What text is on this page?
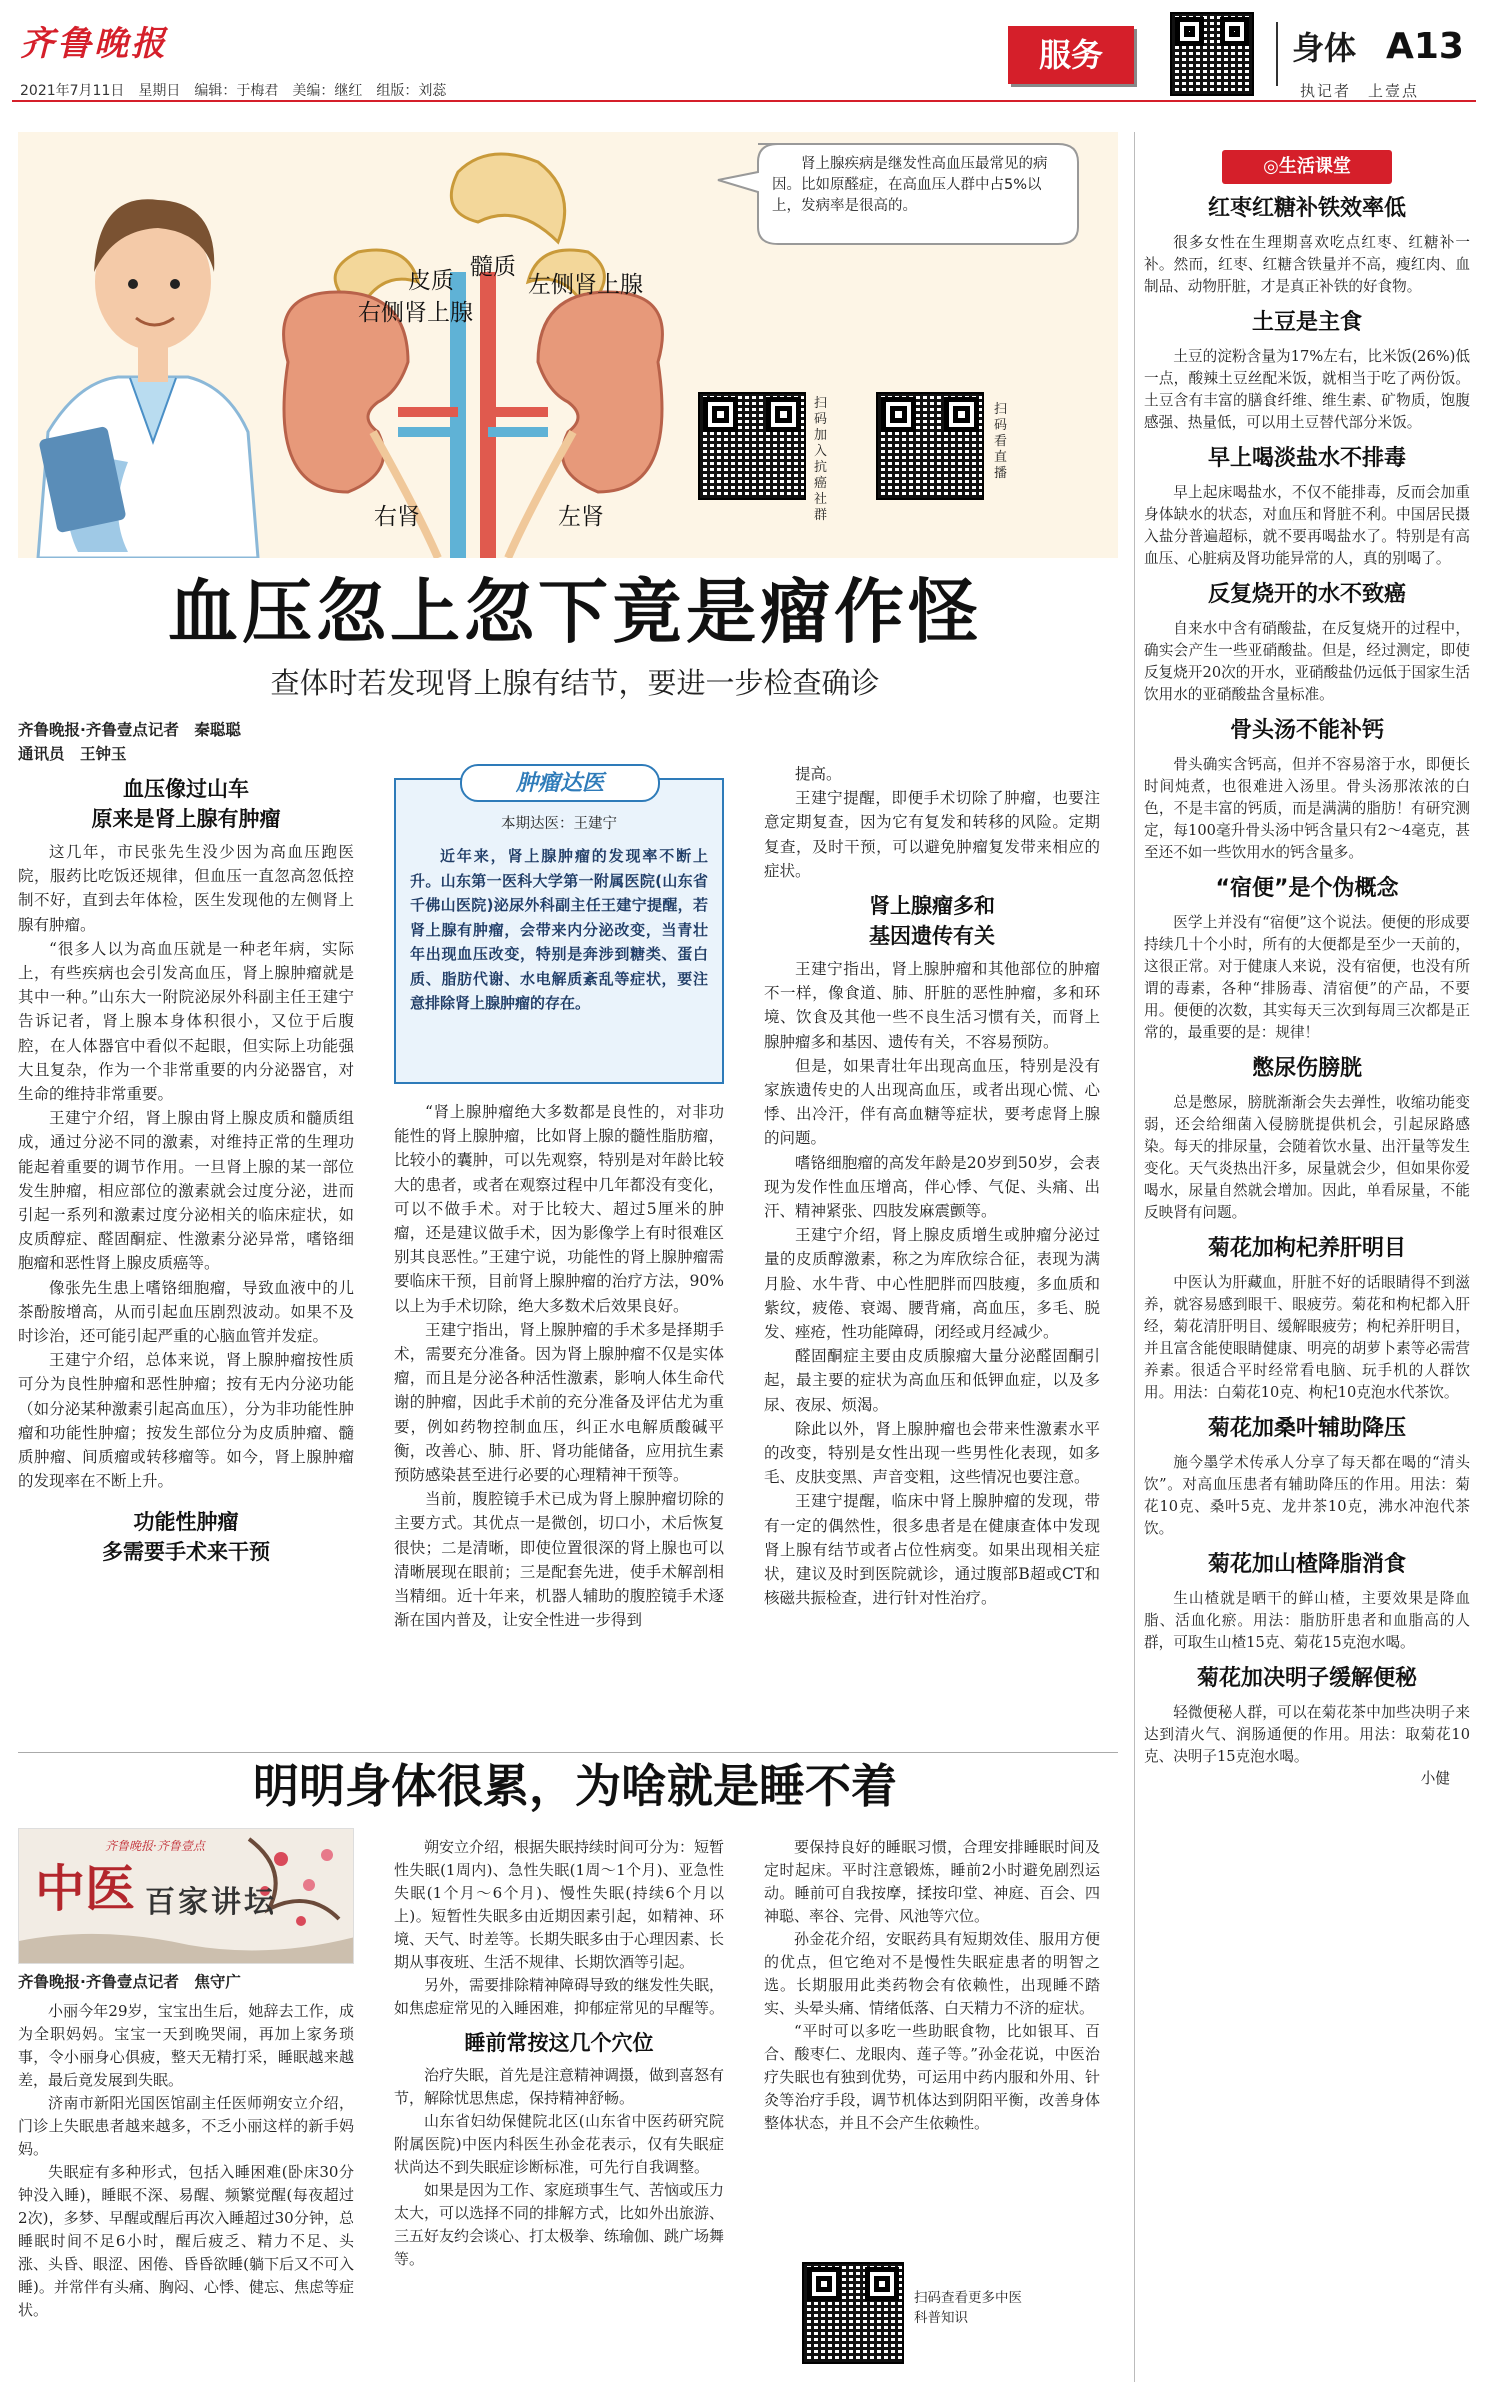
齐鲁晚报
2021年7月11日　 星期日　 编辑：于梅君　美编：继红　组版：刘蕊
服务	身体 A13
执记者　上壹点
皮质
髓质
左侧肾上腺
右侧肾上腺
右肾	左肾
肾上腺疾病是继发性高血压最常见的病因。比如原醛症，在高血压人群中占5%以上，发病率是很高的。
扫码加入抗癌社群
扫码看直播
血压忽上忽下竟是瘤作怪
查体时若发现肾上腺有结节，要进一步检查确诊
齐鲁晚报·齐鲁壹点记者　秦聪聪
通讯员　王钟玉
血压像过山车
原来是肾上腺有肿瘤

这几年，市民张先生没少因为高血压跑医院，服药比吃饭还规律，但血压一直忽高忽低控制不好，直到去年体检，医生发现他的左侧肾上腺有肿瘤。

“很多人以为高血压就是一种老年病，实际上，有些疾病也会引发高血压，肾上腺肿瘤就是其中一种。”山东大一附院泌尿外科副主任王建宁告诉记者，肾上腺本身体积很小，又位于后腹腔，在人体器官中看似不起眼，但实际上功能强大且复杂，作为一个非常重要的内分泌器官，对生命的维持非常重要。

王建宁介绍，肾上腺由肾上腺皮质和髓质组成，通过分泌不同的激素，对维持正常的生理功能起着重要的调节作用。一旦肾上腺的某一部位发生肿瘤，相应部位的激素就会过度分泌，进而引起一系列和激素过度分泌相关的临床症状，如皮质醇症、醛固酮症、性激素分泌异常，嗜铬细胞瘤和恶性肾上腺皮质癌等。

像张先生患上嗜铬细胞瘤，导致血液中的儿茶酚胺增高，从而引起血压剧烈波动。如果不及时诊治，还可能引起严重的心脑血管并发症。

王建宁介绍，总体来说，肾上腺肿瘤按性质可分为良性肿瘤和恶性肿瘤；按有无内分泌功能（如分泌某种激素引起高血压），分为非功能性肿瘤和功能性肿瘤；按发生部位分为皮质肿瘤、髓质肿瘤、间质瘤或转移瘤等。如今，肾上腺肿瘤的发现率在不断上升。

功能性肿瘤
多需要手术来干预
肿瘤达医
本期达医：王建宁
近年来，肾上腺肿瘤的发现率不断上升。山东第一医科大学第一附属医院(山东省千佛山医院)泌尿外科副主任王建宁提醒，若肾上腺有肿瘤，会带来内分泌改变，当青壮年出现血压改变，特别是奔涉到糖类、蛋白质、脂肪代谢、水电解质紊乱等症状，要注意排除肾上腺肿瘤的存在。

“肾上腺肿瘤绝大多数都是良性的，对非功能性的肾上腺肿瘤，比如肾上腺的髓性脂肪瘤，比较小的囊肿，可以先观察，特别是对年龄比较大的患者，或者在观察过程中几年都没有变化，可以不做手术。对于比较大、超过5厘米的肿瘤，还是建议做手术，因为影像学上有时很难区别其良恶性。”王建宁说，功能性的肾上腺肿瘤需要临床干预，目前肾上腺肿瘤的治疗方法，90%以上为手术切除，绝大多数术后效果良好。

王建宁指出，肾上腺肿瘤的手术多是择期手术，需要充分准备。因为肾上腺肿瘤不仅是实体瘤，而且是分泌各种活性激素，影响人体生命代谢的肿瘤，因此手术前的充分准备及评估尤为重要，例如药物控制血压，纠正水电解质酸碱平衡，改善心、肺、肝、肾功能储备，应用抗生素预防感染甚至进行必要的心理精神干预等。

当前，腹腔镜手术已成为肾上腺肿瘤切除的主要方式。其优点一是微创，切口小，术后恢复很快；二是清晰，即使位置很深的肾上腺也可以清晰展现在眼前；三是配套先进，使手术解剖相当精细。近十年来，机器人辅助的腹腔镜手术逐渐在国内普及，让安全性进一步得到

提高。

王建宁提醒，即便手术切除了肿瘤，也要注意定期复查，因为它有复发和转移的风险。定期复查，及时干预，可以避免肿瘤复发带来相应的症状。

肾上腺瘤多和
基因遗传有关

王建宁指出，肾上腺肿瘤和其他部位的肿瘤不一样，像食道、肺、肝脏的恶性肿瘤，多和环境、饮食及其他一些不良生活习惯有关，而肾上腺肿瘤多和基因、遗传有关，不容易预防。

但是，如果青壮年出现高血压，特别是没有家族遗传史的人出现高血压，或者出现心慌、心悸、出冷汗，伴有高血糖等症状，要考虑肾上腺的问题。

嗜铬细胞瘤的高发年龄是20岁到50岁，会表现为发作性血压增高，伴心悸、气促、头痛、出汗、精神紧张、四肢发麻震颤等。

王建宁介绍，肾上腺皮质增生或肿瘤分泌过量的皮质醇激素，称之为库欣综合征，表现为满月脸、水牛背、中心性肥胖而四肢瘦，多血质和紫纹，疲倦、衰竭、腰背痛，高血压，多毛、脱发、痤疮，性功能障碍，闭经或月经减少。

醛固酮症主要由皮质腺瘤大量分泌醛固酮引起，最主要的症状为高血压和低钾血症，以及多尿、夜尿、烦渴。

除此以外，肾上腺肿瘤也会带来性激素水平的改变，特别是女性出现一些男性化表现，如多毛、皮肤变黑、声音变粗，这些情况也要注意。

王建宁提醒，临床中肾上腺肿瘤的发现，带有一定的偶然性，很多患者是在健康查体中发现肾上腺有结节或者占位性病变。如果出现相关症状，建议及时到医院就诊，通过腹部B超或CT和核磁共振检查，进行针对性治疗。

明明身体很累，为啥就是睡不着
齐鲁晚报·齐鲁壹点
中医 百家讲坛
齐鲁晚报·齐鲁壹点记者　焦守广

小丽今年29岁，宝宝出生后，她辞去工作，成为全职妈妈。宝宝一天到晚哭闹，再加上家务琐事，令小丽身心俱疲，整天无精打采，睡眠越来越差，最后竟发展到失眠。

济南市新阳光国医馆副主任医师朔安立介绍，门诊上失眠患者越来越多，不乏小丽这样的新手妈妈。

失眠症有多种形式，包括入睡困难(卧床30分钟没入睡)，睡眠不深、易醒、频繁觉醒(每夜超过2次)，多梦、早醒或醒后再次入睡超过30分钟，总睡眠时间不足6小时，醒后疲乏、精力不足、头涨、头昏、眼涩、困倦、昏昏欲睡(躺下后又不可入睡)。并常伴有头痛、胸闷、心悸、健忘、焦虑等症状。

朔安立介绍，根据失眠持续时间可分为：短暂性失眠(1周内)、急性失眠(1周～1个月)、亚急性失眠(1个月～6个月)、慢性失眠(持续6个月以上)。短暂性失眠多由近期因素引起，如精神、环境、天气、时差等。长期失眠多由于心理因素、长期从事夜班、生活不规律、长期饮酒等引起。

另外，需要排除精神障碍导致的继发性失眠，如焦虑症常见的入睡困难，抑郁症常见的早醒等。

睡前常按这几个穴位

治疗失眠，首先是注意精神调摄，做到喜怒有节，解除忧思焦虑，保持精神舒畅。

山东省妇幼保健院北区(山东省中医药研究院附属医院)中医内科医生孙金花表示，仅有失眠症状尚达不到失眠症诊断标准，可先行自我调整。

如果是因为工作、家庭琐事生气、苦恼或压力太大，可以选择不同的排解方式，比如外出旅游、三五好友约会谈心、打太极拳、练瑜伽、跳广场舞等。

要保持良好的睡眠习惯，合理安排睡眠时间及定时起床。平时注意锻炼，睡前2小时避免剧烈运动。睡前可自我按摩，揉按印堂、神庭、百会、四神聪、率谷、完骨、风池等穴位。

孙金花介绍，安眠药具有短期效佳、服用方便的优点，但它绝对不是慢性失眠症患者的明智之选。长期服用此类药物会有依赖性，出现睡不踏实、头晕头痛、情绪低落、白天精力不济的症状。

“平时可以多吃一些助眠食物，比如银耳、百合、酸枣仁、龙眼肉、莲子等。”孙金花说，中医治疗失眠也有独到优势，可运用中药内服和外用、针灸等治疗手段，调节机体达到阴阳平衡，改善身体整体状态，并且不会产生依赖性。

扫码查看更多中医科普知识
◎生活课堂
红枣红糖补铁效率低
很多女性在生理期喜欢吃点红枣、红糖补一补。然而，红枣、红糖含铁量并不高，瘦红肉、血制品、动物肝脏，才是真正补铁的好食物。
土豆是主食
土豆的淀粉含量为17%左右，比米饭(26%)低一点，酸辣土豆丝配米饭，就相当于吃了两份饭。土豆含有丰富的膳食纤维、维生素、矿物质，饱腹感强、热量低，可以用土豆替代部分米饭。
早上喝淡盐水不排毒
早上起床喝盐水，不仅不能排毒，反而会加重身体缺水的状态，对血压和肾脏不利。中国居民摄入盐分普遍超标，就不要再喝盐水了。特别是有高血压、心脏病及肾功能异常的人，真的别喝了。
反复烧开的水不致癌
自来水中含有硝酸盐，在反复烧开的过程中，确实会产生一些亚硝酸盐。但是，经过测定，即使反复烧开20次的开水，亚硝酸盐仍远低于国家生活饮用水的亚硝酸盐含量标准。
骨头汤不能补钙
骨头确实含钙高，但并不容易溶于水，即便长时间炖煮，也很难进入汤里。骨头汤那浓浓的白色，不是丰富的钙质，而是满满的脂肪！有研究测定，每100毫升骨头汤中钙含量只有2～4毫克，甚至还不如一些饮用水的钙含量多。
“宿便”是个伪概念
医学上并没有“宿便”这个说法。便便的形成要持续几十个小时，所有的大便都是至少一天前的，这很正常。对于健康人来说，没有宿便，也没有所谓的毒素，各种“排肠毒、清宿便”的产品，不要用。便便的次数，其实每天三次到每周三次都是正常的，最重要的是：规律！
憋尿伤膀胱
总是憋尿，膀胱渐渐会失去弹性，收缩功能变弱，还会给细菌入侵膀胱提供机会，引起尿路感染。每天的排尿量，会随着饮水量、出汗量等发生变化。天气炎热出汗多，尿量就会少，但如果你爱喝水，尿量自然就会增加。因此，单看尿量，不能反映肾有问题。
菊花加枸杞养肝明目
中医认为肝藏血，肝脏不好的话眼睛得不到滋养，就容易感到眼干、眼疲劳。菊花和枸杞都入肝经，菊花清肝明目、缓解眼疲劳；枸杞养肝明目，并且富含能使眼睛健康、明亮的胡萝卜素等必需营养素。很适合平时经常看电脑、玩手机的人群饮用。用法：白菊花10克、枸杞10克泡水代茶饮。
菊花加桑叶辅助降压
施今墨学术传承人分享了每天都在喝的“清头饮”。对高血压患者有辅助降压的作用。用法：菊花10克、桑叶5克、龙井茶10克，沸水冲泡代茶饮。
菊花加山楂降脂消食
生山楂就是晒干的鲜山楂，主要效果是降血脂、活血化瘀。用法：脂肪肝患者和血脂高的人群，可取生山楂15克、菊花15克泡水喝。
菊花加决明子缓解便秘
轻微便秘人群，可以在菊花茶中加些决明子来达到清火气、润肠通便的作用。用法：取菊花10克、决明子15克泡水喝。
小健
